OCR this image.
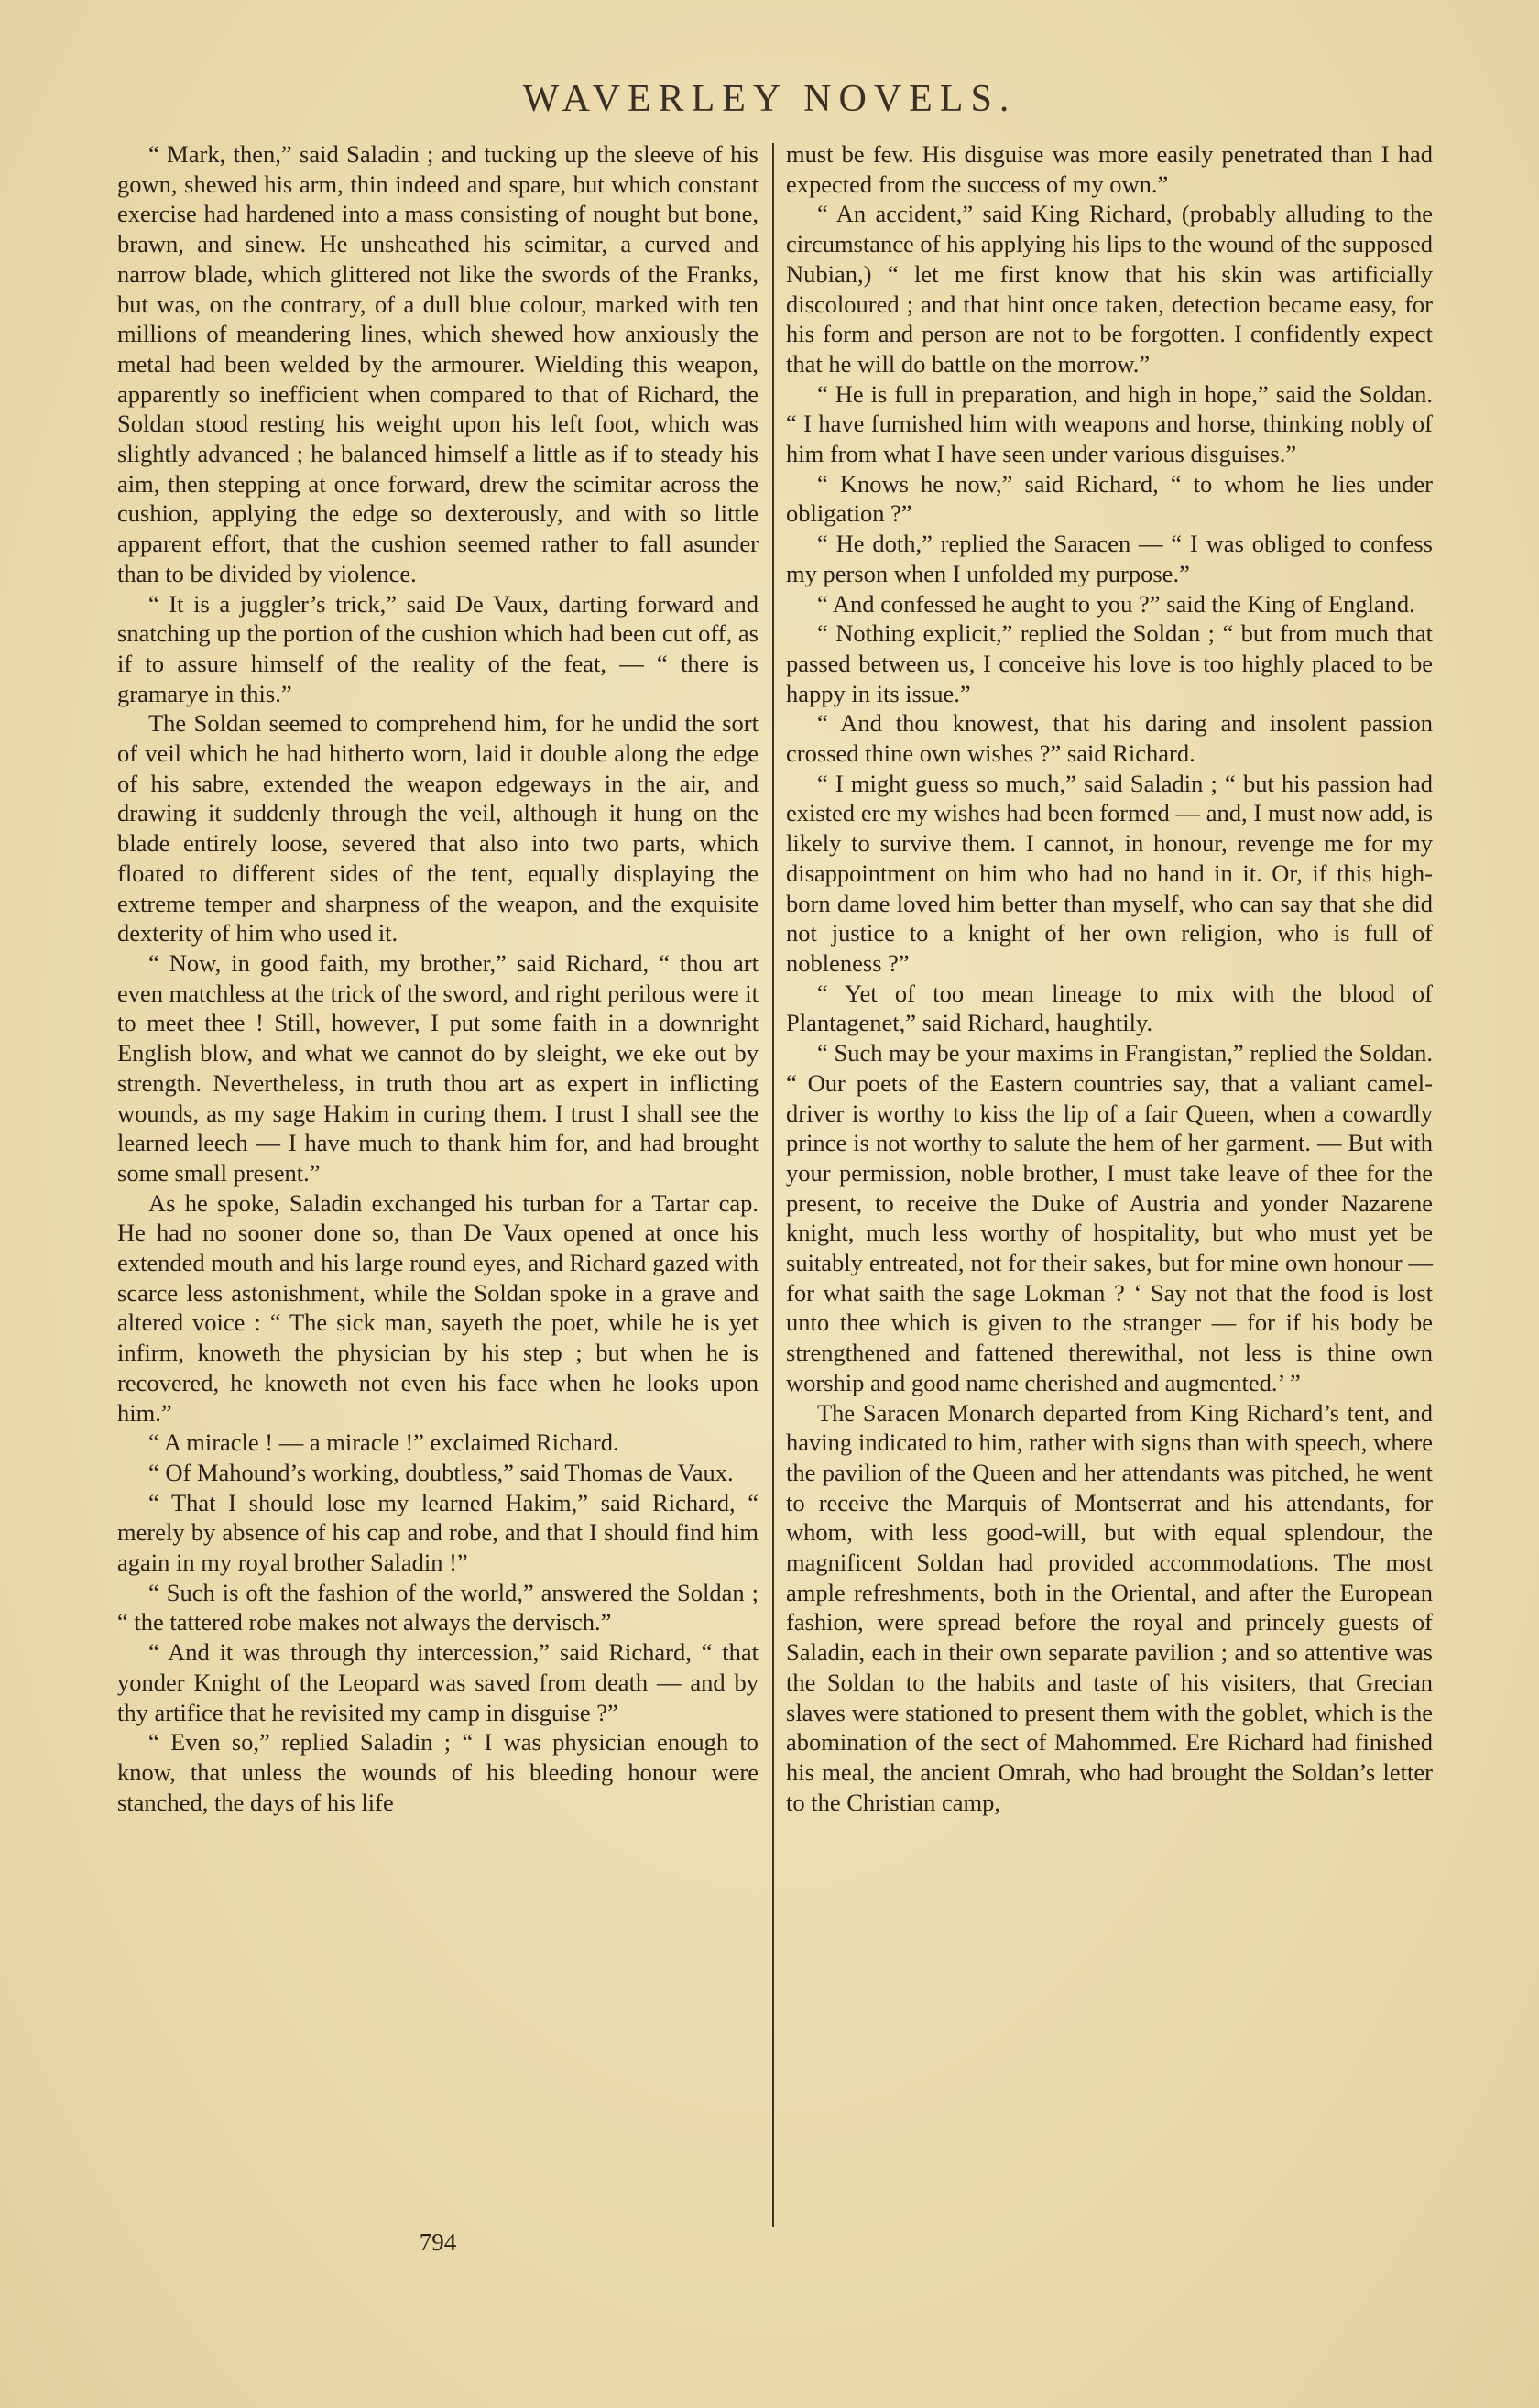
WAVERLEY NOVELS.

“ Mark, then,” said Saladin ; and tucking up the sleeve of his gown, shewed his arm, thin indeed and spare, but which constant exercise had hardened into a mass consisting of nought but bone, brawn, and sinew. He unsheathed his scimitar, a curved and narrow blade, which glittered not like the swords of the Franks, but was, on the contrary, of a dull blue colour, marked with ten millions of meandering lines, which shewed how anxiously the metal had been welded by the armourer. Wielding this weapon, apparently so inefficient when compared to that of Richard, the Soldan stood resting his weight upon his left foot, which was slightly advanced ; he balanced himself a little as if to steady his aim, then stepping at once forward, drew the scimitar across the cushion, applying the edge so dexterously, and with so little apparent effort, that the cushion seemed rather to fall asunder than to be divided by violence.

“ It is a juggler’s trick,” said De Vaux, darting forward and snatching up the portion of the cushion which had been cut off, as if to assure himself of the reality of the feat, — “ there is gramarye in this.”

The Soldan seemed to comprehend him, for he undid the sort of veil which he had hitherto worn, laid it double along the edge of his sabre, extended the weapon edgeways in the air, and drawing it suddenly through the veil, although it hung on the blade entirely loose, severed that also into two parts, which floated to different sides of the tent, equally displaying the extreme temper and sharpness of the weapon, and the exquisite dexterity of him who used it.

“ Now, in good faith, my brother,” said Richard, “ thou art even matchless at the trick of the sword, and right perilous were it to meet thee ! Still, however, I put some faith in a downright English blow, and what we cannot do by sleight, we eke out by strength. Nevertheless, in truth thou art as expert in inflicting wounds, as my sage Hakim in curing them. I trust I shall see the learned leech — I have much to thank him for, and had brought some small present.”

As he spoke, Saladin exchanged his turban for a Tartar cap. He had no sooner done so, than De Vaux opened at once his extended mouth and his large round eyes, and Richard gazed with scarce less astonishment, while the Soldan spoke in a grave and altered voice : “ The sick man, sayeth the poet, while he is yet infirm, knoweth the physician by his step ; but when he is recovered, he knoweth not even his face when he looks upon him.”

“ A miracle ! — a miracle !” exclaimed Richard.

“ Of Mahound’s working, doubtless,” said Thomas de Vaux.

“ That I should lose my learned Hakim,” said Richard, “ merely by absence of his cap and robe, and that I should find him again in my royal brother Saladin !”

“ Such is oft the fashion of the world,” answered the Soldan ; “ the tattered robe makes not always the dervisch.”

“ And it was through thy intercession,” said Richard, “ that yonder Knight of the Leopard was saved from death — and by thy artifice that he revisited my camp in disguise ?”

“ Even so,” replied Saladin ; “ I was physician enough to know, that unless the wounds of his bleeding honour were stanched, the days of his life

must be few. His disguise was more easily penetrated than I had expected from the success of my own.”

“ An accident,” said King Richard, (probably alluding to the circumstance of his applying his lips to the wound of the supposed Nubian,) “ let me first know that his skin was artificially discoloured ; and that hint once taken, detection became easy, for his form and person are not to be forgotten. I confidently expect that he will do battle on the morrow.”

“ He is full in preparation, and high in hope,” said the Soldan. “ I have furnished him with weapons and horse, thinking nobly of him from what I have seen under various disguises.”

“ Knows he now,” said Richard, “ to whom he lies under obligation ?”

“ He doth,” replied the Saracen — “ I was obliged to confess my person when I unfolded my purpose.”

“ And confessed he aught to you ?” said the King of England.

“ Nothing explicit,” replied the Soldan ; “ but from much that passed between us, I conceive his love is too highly placed to be happy in its issue.”

“ And thou knowest, that his daring and insolent passion crossed thine own wishes ?” said Richard.

“ I might guess so much,” said Saladin ; “ but his passion had existed ere my wishes had been formed — and, I must now add, is likely to survive them. I cannot, in honour, revenge me for my disappointment on him who had no hand in it. Or, if this high-born dame loved him better than myself, who can say that she did not justice to a knight of her own religion, who is full of nobleness ?”

“ Yet of too mean lineage to mix with the blood of Plantagenet,” said Richard, haughtily.

“ Such may be your maxims in Frangistan,” replied the Soldan. “ Our poets of the Eastern countries say, that a valiant camel-driver is worthy to kiss the lip of a fair Queen, when a cowardly prince is not worthy to salute the hem of her garment. — But with your permission, noble brother, I must take leave of thee for the present, to receive the Duke of Austria and yonder Nazarene knight, much less worthy of hospitality, but who must yet be suitably entreated, not for their sakes, but for mine own honour — for what saith the sage Lokman ? ‘ Say not that the food is lost unto thee which is given to the stranger — for if his body be strengthened and fattened therewithal, not less is thine own worship and good name cherished and augmented.’ ”

The Saracen Monarch departed from King Richard’s tent, and having indicated to him, rather with signs than with speech, where the pavilion of the Queen and her attendants was pitched, he went to receive the Marquis of Montserrat and his attendants, for whom, with less good-will, but with equal splendour, the magnificent Soldan had provided accommodations. The most ample refreshments, both in the Oriental, and after the European fashion, were spread before the royal and princely guests of Saladin, each in their own separate pavilion ; and so attentive was the Soldan to the habits and taste of his visiters, that Grecian slaves were stationed to present them with the goblet, which is the abomination of the sect of Mahommed. Ere Richard had finished his meal, the ancient Omrah, who had brought the Soldan’s letter to the Christian camp,

794
